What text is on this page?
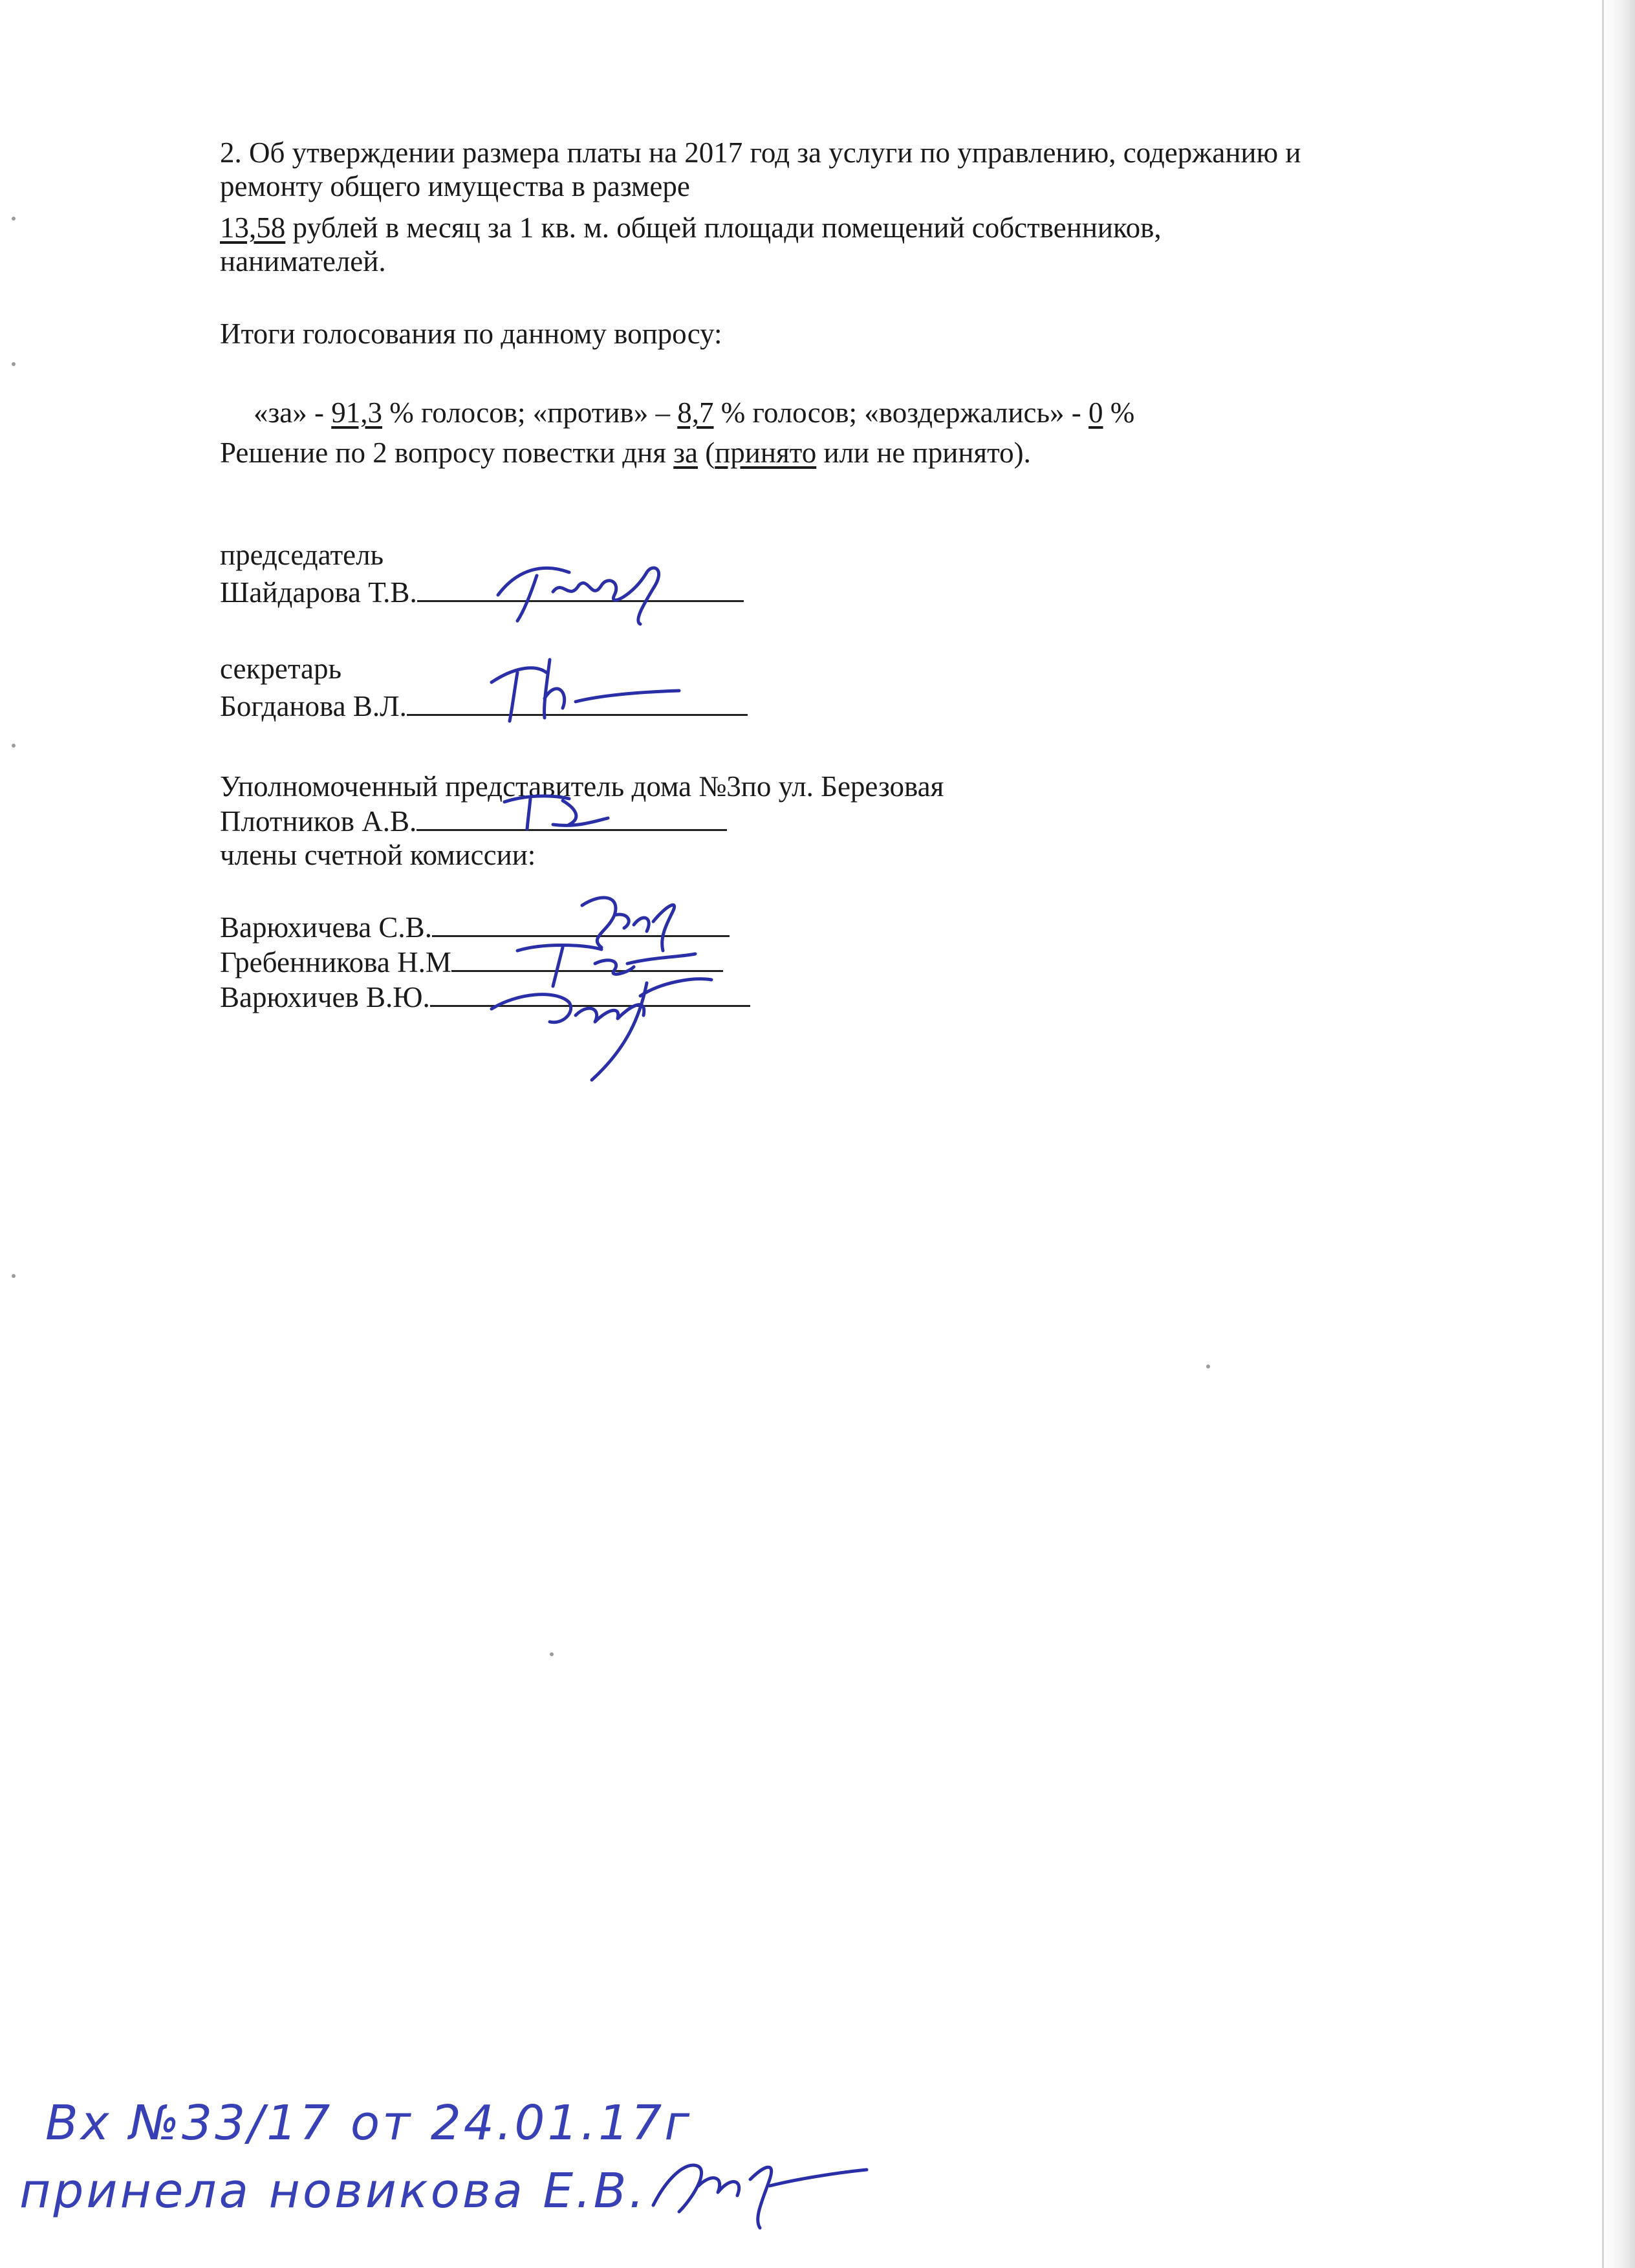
2. Об утверждении размера платы на 2017 год за услуги по управлению, содержанию и
ремонту общего имущества в размере
13,58 рублей в месяц за 1 кв. м. общей площади помещений собственников,
нанимателей.
Итоги голосования по данному вопросу:
«за» - 91,3 % голосов; «против» – 8,7 % голосов; «воздержались» - 0 %
Решение по 2 вопросу повестки дня за (принято или не принято).
председатель
Шайдарова Т.В.
секретарь
Богданова В.Л.
Уполномоченный представитель дома №3по ул. Березовая
Плотников А.В.
члены счетной комиссии:
Варюхичева С.В.
Гребенникова Н.М
Варюхичев В.Ю.
Вх №33/17 от 24.01.17г
принела новикова Е.В.
